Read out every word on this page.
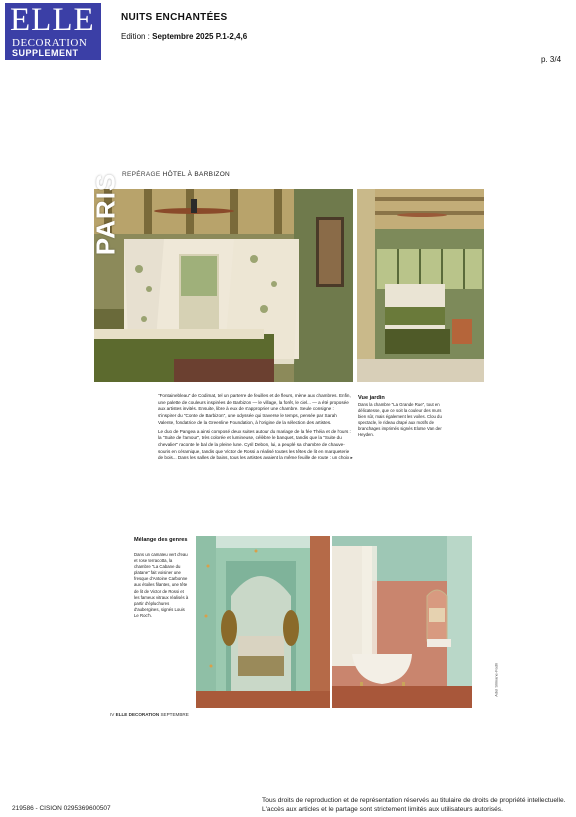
ELLE
DECORATION
SUPPLEMENT
NUITS ENCHANTÉES
Edition : Septembre 2025 P.1-2,4,6
p. 3/4
REPÉRAGE HÔTEL À BARBIZON
PARIS

"Fontainebleau" de Codimat, tel un parterre de feuilles et de fleurs, mène aux chambres. Enfin, une palette de couleurs inspirées de Barbizon — le village, la forêt, le ciel... — a été proposée aux artistes invités. Ensuite, libre à eux de s'approprier une chambre. Seule consigne : s'inspirer du "Conte de Barbizon", une odyssée qui traverse le temps, pensée par Sarah Valente, fondatrice de la Greenline Foundation, à l'origine de la sélection des artistes.

Le duo de Pangea a ainsi composé deux suites autour du mariage de la fée Théia et de l'ours : la "Suite de l'amour", très colorée et lumineuse, célèbre le banquet, tandis que la "Suite du chevalier" raconte le bal de la pleine lune. Cyril Debon, lui, a peuplé sa chambre de chauve-souris en céramique, tandis que Victor de Rossi a réalisé toutes les têtes de lit en marqueterie de bois... Dans les salles de bains, tous les artistes avaient la même feuille de route : un choix ▸

Vue jardin
Dans la chambre "La Grande Rue", tout en délicatesse, que ce soit la couleur des murs bien sûr, mais également les voiles. Clou du spectacle, le rideau drapé aux motifs de branchages imprimés signés Eloïse Van der Heyden.
Mélange des genres
Dans un camaïeu vert d'eau et rose terracotta, la chambre "La Cabane du platane" fait voisiner une fresque d'Antoine Carbonne aux étoiles filantes, une tête de lit de Victor de Rossi et les fameux vitraux réalisés à partir d'épluchures d'aubergines, signés Louis Le Roc'h.
Adel Slimane-Fadli
IV ELLE DECORATION SEPTEMBRE
219586 - CISION 0295369600507
Tous droits de reproduction et de représentation réservés au titulaire de droits de propriété intellectuelle.
L'accès aux articles et le partage sont strictement limités aux utilisateurs autorisés.
